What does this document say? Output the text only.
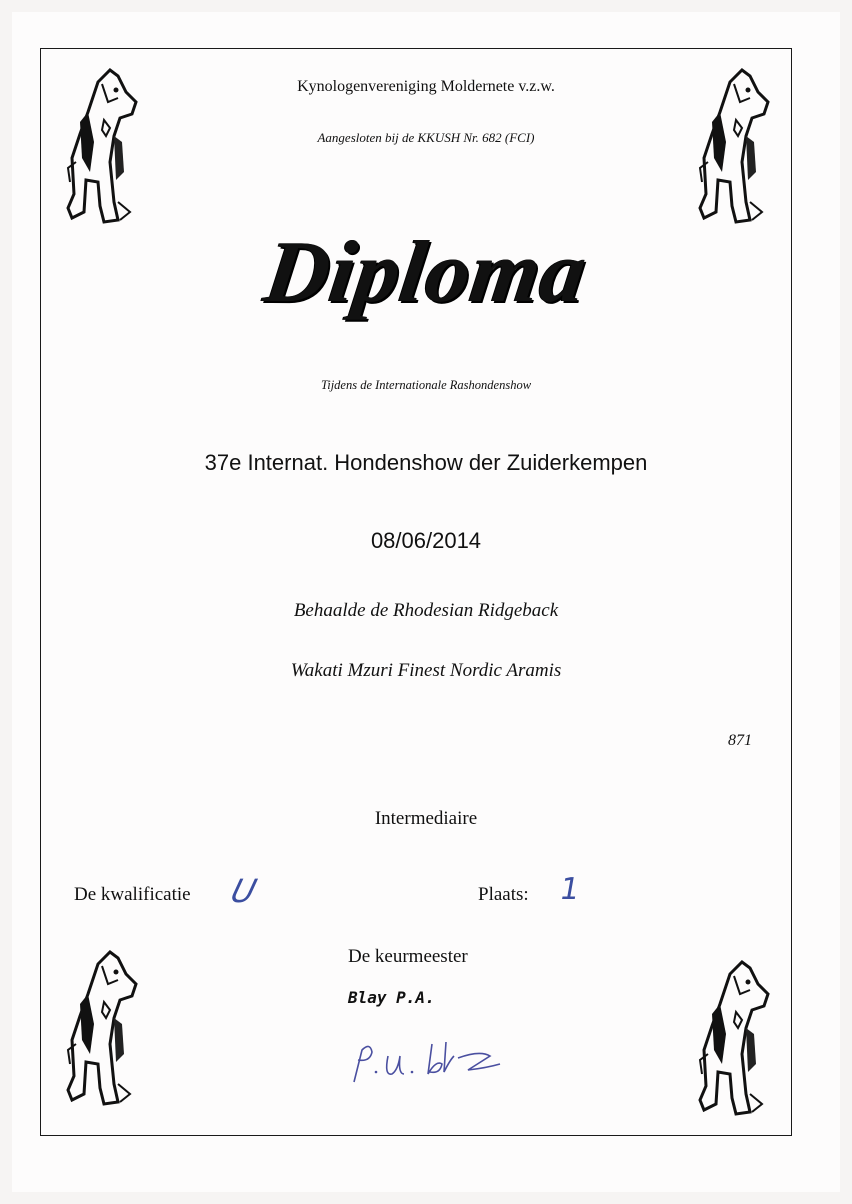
Kynologenvereniging Moldernete v.z.w.
Aangesloten bij de KKUSH Nr. 682 (FCI)
Diploma
Tijdens de Internationale Rashondenshow
37e Internat. Hondenshow der Zuiderkempen
08/06/2014
Behaalde de Rhodesian Ridgeback
Wakati Mzuri Finest Nordic Aramis
871
Intermediaire
De kwalificatie U	Plaats: 1
De keurmeester
Blay P.A.
